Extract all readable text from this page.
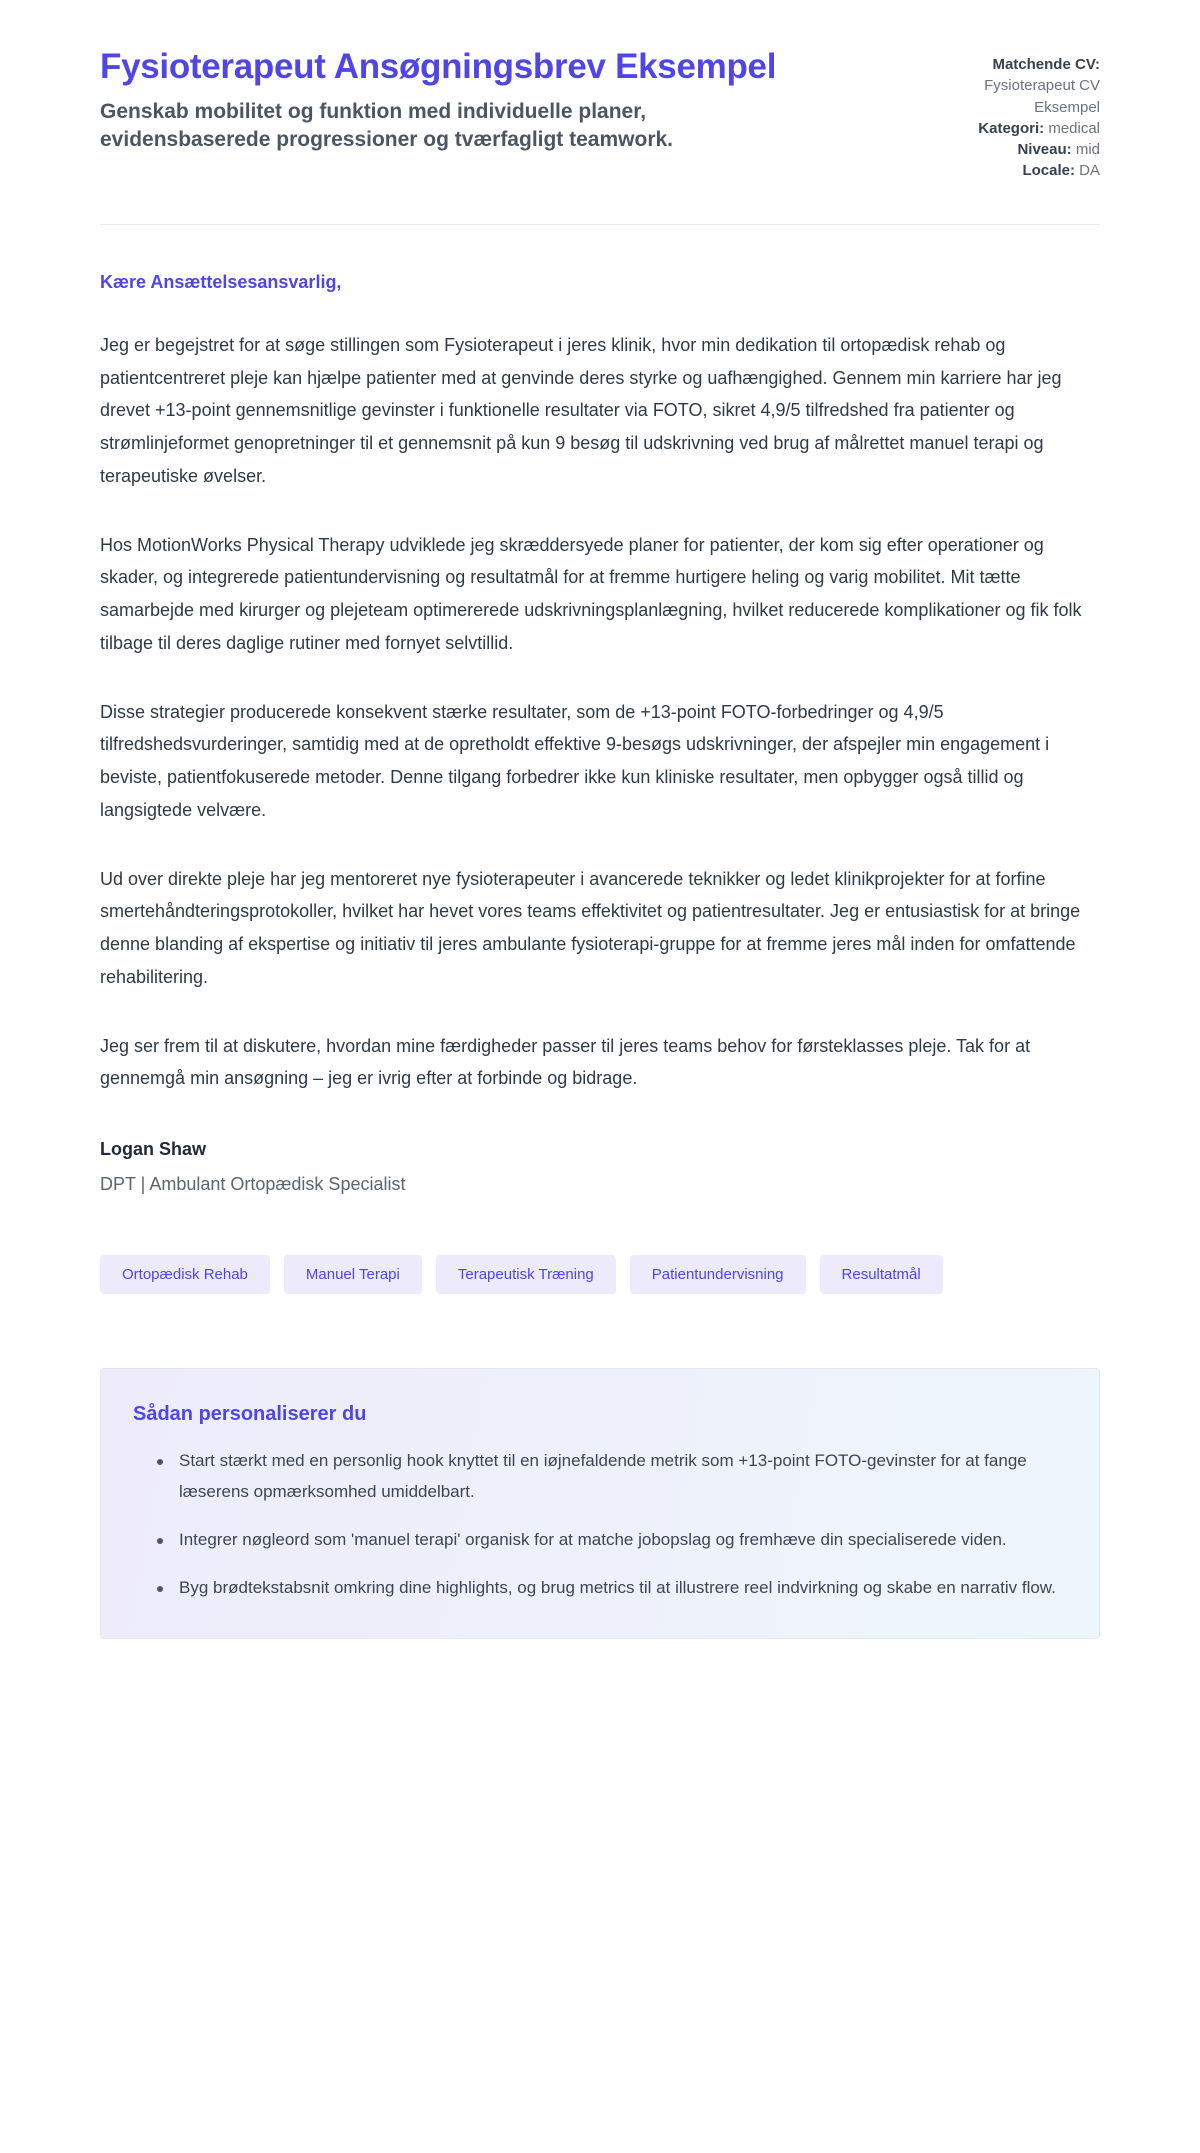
Fysioterapeut Ansøgningsbrev Eksempel

Genskab mobilitet og funktion med individuelle planer, evidensbaserede progressioner og tværfagligt teamwork.

Matchende CV:
Fysioterapeut CV Eksempel
Kategori: medical
Niveau: mid
Locale: DA

Kære Ansættelsesansvarlig,

Jeg er begejstret for at søge stillingen som Fysioterapeut i jeres klinik, hvor min dedikation til ortopædisk rehab og patientcentreret pleje kan hjælpe patienter med at genvinde deres styrke og uafhængighed. Gennem min karriere har jeg drevet +13-point gennemsnitlige gevinster i funktionelle resultater via FOTO, sikret 4,9/5 tilfredshed fra patienter og strømlinjeformet genopretninger til et gennemsnit på kun 9 besøg til udskrivning ved brug af målrettet manuel terapi og terapeutiske øvelser.

Hos MotionWorks Physical Therapy udviklede jeg skræddersyede planer for patienter, der kom sig efter operationer og skader, og integrerede patientundervisning og resultatmål for at fremme hurtigere heling og varig mobilitet. Mit tætte samarbejde med kirurger og plejeteam optimererede udskrivningsplanlægning, hvilket reducerede komplikationer og fik folk tilbage til deres daglige rutiner med fornyet selvtillid.

Disse strategier producerede konsekvent stærke resultater, som de +13-point FOTO-forbedringer og 4,9/5 tilfredshedsvurderinger, samtidig med at de opretholdt effektive 9-besøgs udskrivninger, der afspejler min engagement i beviste, patientfokuserede metoder. Denne tilgang forbedrer ikke kun kliniske resultater, men opbygger også tillid og langsigtede velvære.

Ud over direkte pleje har jeg mentoreret nye fysioterapeuter i avancerede teknikker og ledet klinikprojekter for at forfine smertehåndteringsprotokoller, hvilket har hevet vores teams effektivitet og patientresultater. Jeg er entusiastisk for at bringe denne blanding af ekspertise og initiativ til jeres ambulante fysioterapi-gruppe for at fremme jeres mål inden for omfattende rehabilitering.

Jeg ser frem til at diskutere, hvordan mine færdigheder passer til jeres teams behov for førsteklasses pleje. Tak for at gennemgå min ansøgning – jeg er ivrig efter at forbinde og bidrage.

Logan Shaw

DPT | Ambulant Ortopædisk Specialist

Ortopædisk Rehab	Manuel Terapi	Terapeutisk Træning	Patientundervisning	Resultatmål
Sådan personaliserer du
Start stærkt med en personlig hook knyttet til en iøjnefaldende metrik som +13-point FOTO-gevinster for at fange læserens opmærksomhed umiddelbart.
Integrer nøgleord som 'manuel terapi' organisk for at matche jobopslag og fremhæve din specialiserede viden.
Byg brødtekstabsnit omkring dine highlights, og brug metrics til at illustrere reel indvirkning og skabe en narrativ flow.
